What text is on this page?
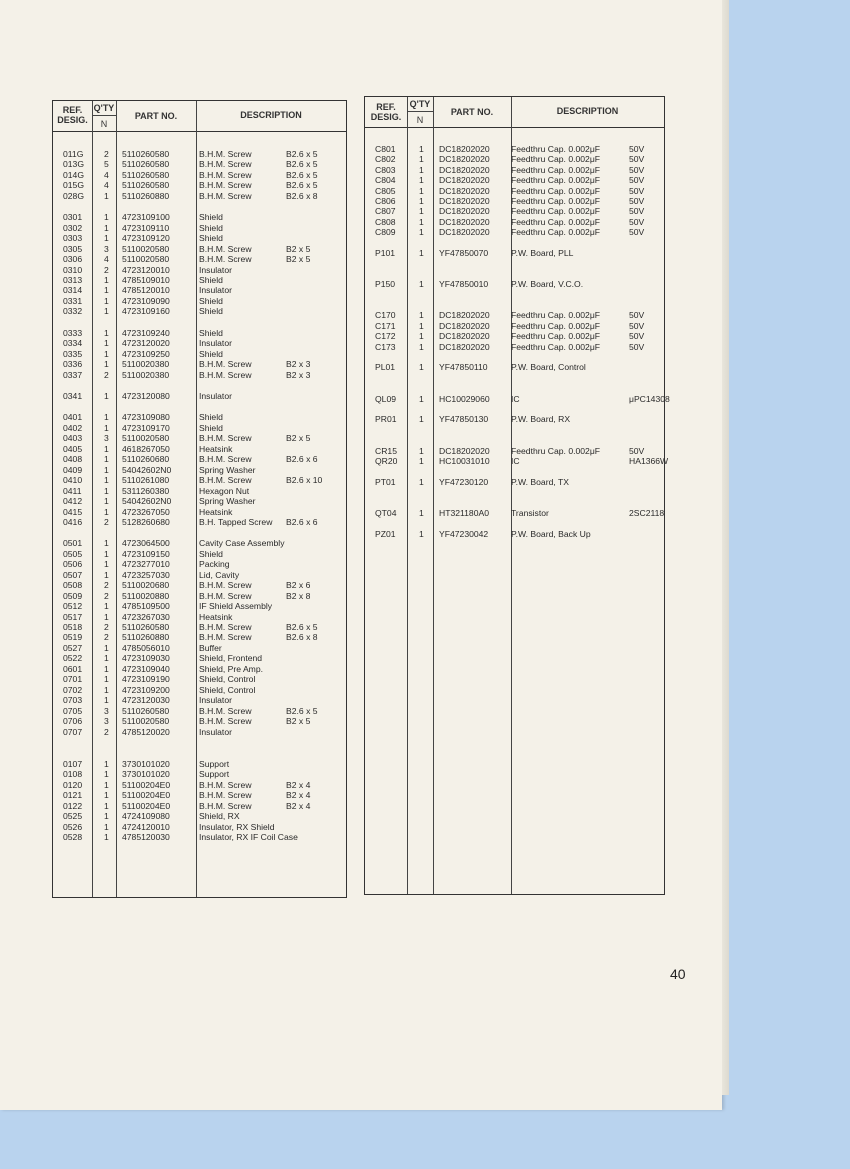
REF.
DESIG.
Q'TY
N
PART NO.	DESCRIPTION
011G 2 5110260580	B.H.M. Screw	B2.6 x 5
013G 5 5110260580	B.H.M. Screw	B2.6 x 5
014G 4 5110260580	B.H.M. Screw	B2.6 x 5
015G 4 5110260580	B.H.M. Screw	B2.6 x 5
028G 1 5110260880	B.H.M. Screw	B2.6 x 8
0301	1 4723109100	Shield
0302	1 4723109110	Shield
0303	1 4723109120	Shield
0305	3 5110020580	B.H.M. Screw	B2 x 5
0306	4 5110020580	B.H.M. Screw	B2 x 5
0310	2 4723120010	Insulator
0313	1 4785109010	Shield
0314	1 4785120010	Insulator
0331	1 4723109090	Shield
0332	1 4723109160	Shield
0333	1 4723109240	Shield
0334	1 4723120020	Insulator
0335	1 4723109250	Shield
0336	1 5110020380	B.H.M. Screw	B2 x 3
0337	2 5110020380	B.H.M. Screw	B2 x 3
0341	1 4723120080	Insulator
0401	1 4723109080	Shield
0402	1 4723109170	Shield
0403	3 5110020580	B.H.M. Screw	B2 x 5
0405	1 4618267050	Heatsink
0408	1 5110260680	B.H.M. Screw	B2.6 x 6
0409	1 54042602N0	Spring Washer
0410	1 5110261080	B.H.M. Screw	B2.6 x 10
0411	1 5311260380	Hexagon Nut
0412	1 54042602N0	Spring Washer
0415	1 4723267050	Heatsink
0416	2 5128260680	B.H. Tapped Screw B2.6 x 6
0501	1 4723064500	Cavity Case Assembly
0505	1 4723109150	Shield
0506	1 4723277010	Packing
0507	1 4723257030	Lid, Cavity
0508	2 5110020680	B.H.M. Screw	B2 x 6
0509	2 5110020880	B.H.M. Screw	B2 x 8
0512	1 4785109500	IF Shield Assembly
0517	1 4723267030	Heatsink
0518	2 5110260580	B.H.M. Screw	B2.6 x 5
0519	2 5110260880	B.H.M. Screw	B2.6 x 8
0527	1 4785056010	Buffer
0522	1 4723109030	Shield, Frontend
0601	1 4723109040	Shield, Pre Amp.
0701	1 4723109190	Shield, Control
0702	1 4723109200	Shield, Control
0703	1 4723120030	Insulator
0705	3 5110260580	B.H.M. Screw	B2.6 x 5
0706	3 5110020580	B.H.M. Screw	B2 x 5
0707	2 4785120020	Insulator
0107	1 3730101020	Support
0108	1 3730101020	Support
0120	1 51100204E0	B.H.M. Screw	B2 x 4
0121	1 51100204E0	B.H.M. Screw	B2 x 4
0122	1 51100204E0	B.H.M. Screw	B2 x 4
0525	1 4724109080	Shield, RX
0526	1 4724120010	Insulator, RX Shield
0528	1 4785120030	Insulator, RX IF Coil Case
REF.
DESIG.
Q'TY
N
PART NO.	DESCRIPTION
C801	1 DC18202020 Feedthru Cap. 0.002μF	50V
C802	1 DC18202020 Feedthru Cap. 0.002μF	50V
C803	1 DC18202020 Feedthru Cap. 0.002μF	50V
C804	1 DC18202020 Feedthru Cap. 0.002μF	50V
C805	1 DC18202020 Feedthru Cap. 0.002μF	50V
C806	1 DC18202020 Feedthru Cap. 0.002μF	50V
C807	1 DC18202020 Feedthru Cap. 0.002μF	50V
C808	1 DC18202020 Feedthru Cap. 0.002μF	50V
C809	1 DC18202020 Feedthru Cap. 0.002μF	50V
P101	1 YF47850070	P.W. Board, PLL
P150	1 YF47850010	P.W. Board, V.C.O.
C170	1 DC18202020 Feedthru Cap. 0.002μF	50V
C171	1 DC18202020 Feedthru Cap. 0.002μF	50V
C172	1 DC18202020 Feedthru Cap. 0.002μF	50V
C173	1 DC18202020 Feedthru Cap. 0.002μF	50V
PL01	1 YF47850110	P.W. Board, Control
QL09	1 HC10029060 IC	μPC14308
PR01	1 YF47850130	P.W. Board, RX
CR15	1 DC18202020 Feedthru Cap. 0.002μF	50V
QR20	1 HC10031010 IC	HA1366W
PT01	1 YF47230120	P.W. Board, TX
QT04	1 HT321180A0	Transistor	2SC2118
PZ01	1 YF47230042	P.W. Board, Back Up
40
